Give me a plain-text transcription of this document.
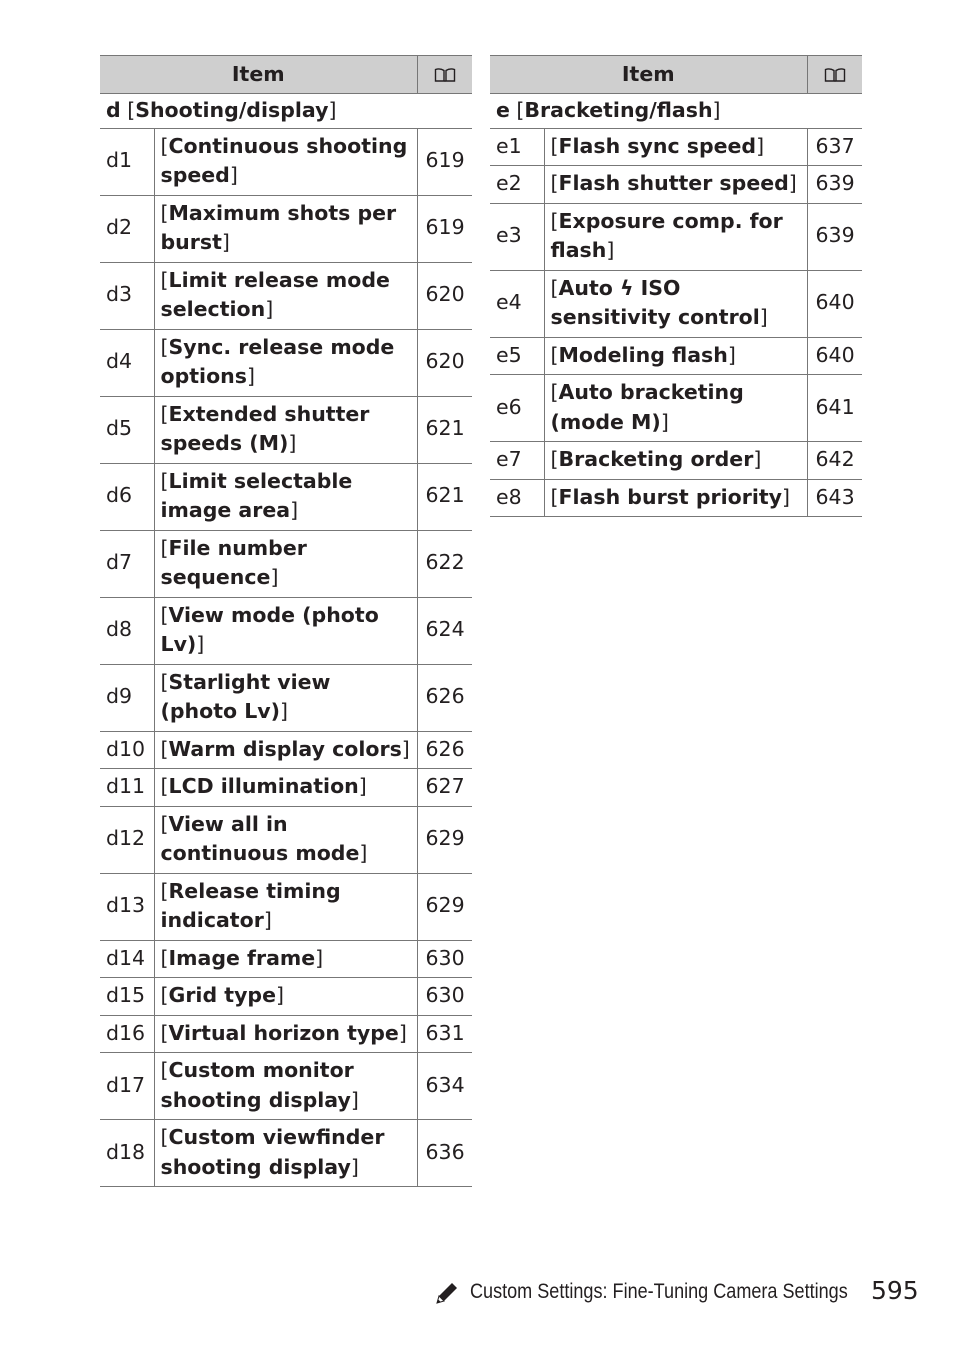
Item	
d [Shooting/display]		
d1	[Continuous shooting speed]	619
d2	[Maximum shots per burst]	619
d3	[Limit release mode selection]	620
d4	[Sync. release mode options]	620
d5	[Extended shutter speeds (M)]	621
d6	[Limit selectable image area]	621
d7	[File number sequence]	622
d8	[View mode (photo Lv)]	624
d9	[Starlight view (photo Lv)]	626
d10	[Warm display colors]	626
d11	[LCD illumination]	627
d12	[View all in continuous mode]	629
d13	[Release timing indicator]	629
d14	[Image frame]	630
d15	[Grid type]	630
d16	[Virtual horizon type]	631
d17	[Custom monitor shooting display]	634
d18	[Custom viewfinder shooting display]	636
Item	
e [Bracketing/flash]		
e1	[Flash sync speed]	637
e2	[Flash shutter speed]	639
e3	[Exposure comp. for flash]	639
e4	[Auto ϟ ISO sensitivity control]	640
e5	[Modeling flash]	640
e6	[Auto bracketing (mode M)]	641
e7	[Bracketing order]	642
e8	[Flash burst priority]	643
Custom Settings: Fine-Tuning Camera Settings 595
